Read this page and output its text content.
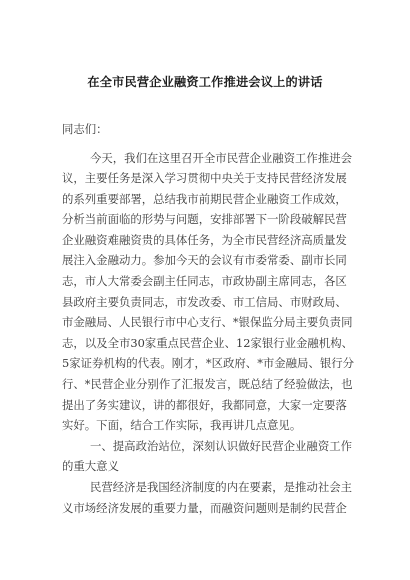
在全市民营企业融资工作推进会议上的讲话
同志们：
今天，我们在这里召开全市民营企业融资工作推进会
议，主要任务是深入学习贯彻中央关于支持民营经济发展
的系列重要部署，总结我市前期民营企业融资工作成效，
分析当前面临的形势与问题，安排部署下一阶段破解民营
企业融资难融资贵的具体任务，为全市民营经济高质量发
展注入金融动力。参加今天的会议有市委常委、副市长同
志，市人大常委会副主任同志，市政协副主席同志，各区
县政府主要负责同志，市发改委、市工信局、市财政局、
市金融局、人民银行市中心支行、*银保监分局主要负责同
志，以及全市30家重点民营企业、12家银行业金融机构、
5家证券机构的代表。刚才，*区政府、*市金融局、银行分
行、*民营企业分别作了汇报发言，既总结了经验做法，也
提出了务实建议，讲的都很好，我都同意，大家一定要落
实好。下面，结合工作实际，我再讲几点意见。
一、提高政治站位，深刻认识做好民营企业融资工作
的重大意义
民营经济是我国经济制度的内在要素，是推动社会主
义市场经济发展的重要力量，而融资问题则是制约民营企
